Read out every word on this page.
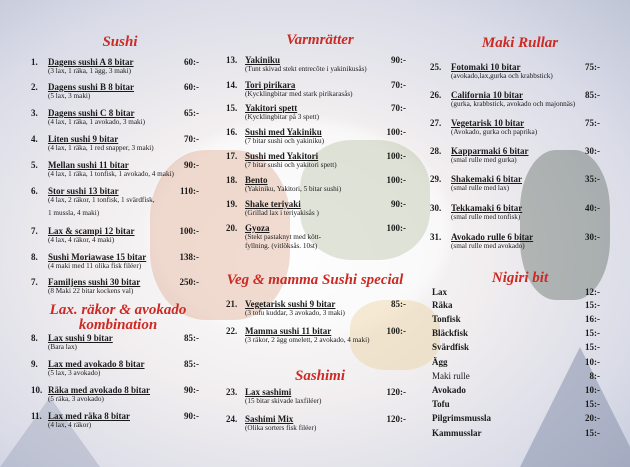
Sushi
1. Dagens sushi A 8 bitar	60:-
(3 lax, 1 räka, 1 ägg, 3 maki)
2. Dagens sushi B 8 bitar	60:-
(5 lax, 3 maki)
3. Dagens sushi C 8 bitar	65:-
(4 lax, 1 räka, 1 avokado, 3 maki)
4. Liten sushi 9 bitar	70:-
(4 lax, 1 räka, 1 red snapper, 3 maki)
5. Mellan sushi 11 bitar	90:-
(4 lax, 1 räka, 1 tonfisk, 1 avokado, 4 maki)
6. Stor sushi 13 bitar	110:-
(4 lax, 2 räkor, 1 tonfisk, 1 svärdfisk,
1 mussla, 4 maki)
7. Lax & scampi 12 bitar	100:-
(4 lax, 4 räkor, 4 maki)
8. Sushi Moriawase 15 bitar	138:-
(4 maki med 11 olika fisk filéer)
7. Familjens sushi 30 bitar	250:-
(8 Maki 22 bitar kockens val)
Lax. räkor & avokado
kombination
8. Lax sushi 9 bitar	85:-
(Bara lax)
9. Lax med avokado 8 bitar	85:-
(5 lax, 3 avokado)
10. Räka med avokado 8 bitar	90:-
(5 räka, 3 avokado)
11. Lax med räka 8 bitar	90:-
(4 lax, 4 räkor)
Varmrätter
13. Yakiniku	90:-
(Tunt skivad stekt entrecôte i yakinikusås)
14. Tori pirikara	70:-
(Kycklingbitar med stark pirikarasås)
15. Yakitori spett	70:-
(Kycklingbitar på 3 spett)
16. Sushi med Yakiniku	100:-
(7 bitar sushi och yakiniku)
17. Sushi med Yakitori	100:-
(7 bitar sushi och yakitori spett)
18. Bento	100:-
(Yakiniku, Yakitori, 5 bitar sushi)
19. Shake teriyaki	90:-
(Grillad lax i teriyakisås )
20. Gyoza	100:-
(Stekt pastaknyt med kött-
fyllning. (vitlöksås. 10st)
Veg & mamma Sushi special
21. Vegetarisk sushi 9 bitar	85:-
(3 tofu kuddar, 3 avokado, 3 maki)
22. Mamma sushi 11 bitar	100:-
(3 räkor, 2 ägg omelett, 2 avokado, 4 maki)
Sashimi
23. Lax sashimi	120:-
(15 bitar skivade laxfiléer)
24. Sashimi Mix	120:-
(Olika sorters fisk filéer)
Maki Rullar
25. Fotomaki 10 bitar	75:-
(avokado,lax,gurka och krabbstick)
26. California 10 bitar	85:-
(gurka, krabbstick, avokado och majonnäs)
27. Vegetarisk 10 bitar	75:-
(Avokado, gurka och paprika)
28. Kapparmaki 6 bitar	30:-
(smal rulle med gurka)
29. Shakemaki 6 bitar	35:-
(smal rulle med lax)
30. Tekkamaki 6 bitar	40:-
(smal rulle med tonfisk)
31. Avokado rulle 6 bitar	30:-
(smal rulle med avokado)
Nigiri bit
Lax	12:-
Räka	15:-
Tonfisk	16:-
Bläckfisk	15:-
Svärdfisk	15:-
Ägg	10:-
Maki rulle	8:-
Avokado	10:-
Tofu	15:-
Pilgrimsmussla	20:-
Kammusslar	15:-
